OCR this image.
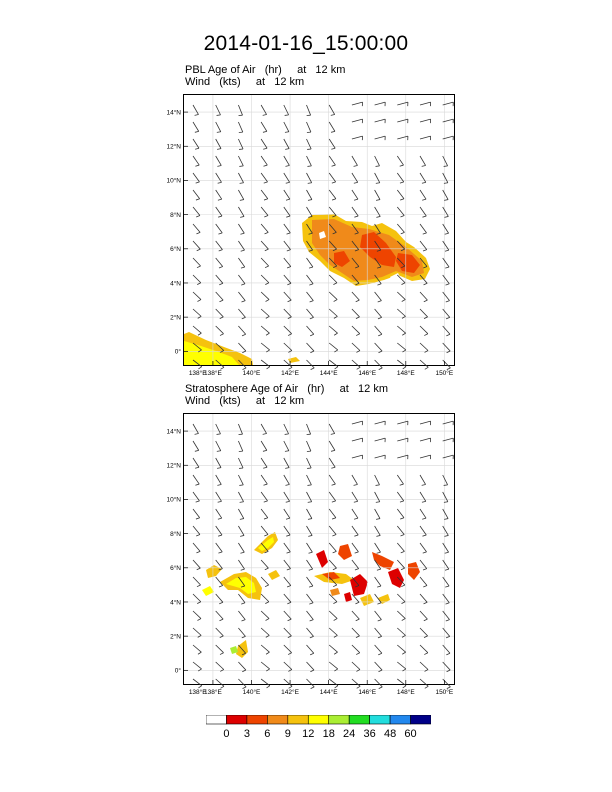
2014-01-16_15:00:00
PBL Age of Air   (hr)     at   12 km
Wind   (kts)     at   12 km
138°E	140°E	142°E	144°E	146°E	148°E	150°E
138°E
0°
2°N
4°N
6°N
8°N
10°N
12°N
14°N
Stratosphere Age of Air   (hr)     at   12 km
Wind   (kts)     at   12 km
138°E	140°E	142°E	144°E	146°E	148°E	150°E
138°E
0°
2°N
4°N
6°N
8°N
10°N
12°N
14°N
0 3 6 9 12 18 24 36 48 60
